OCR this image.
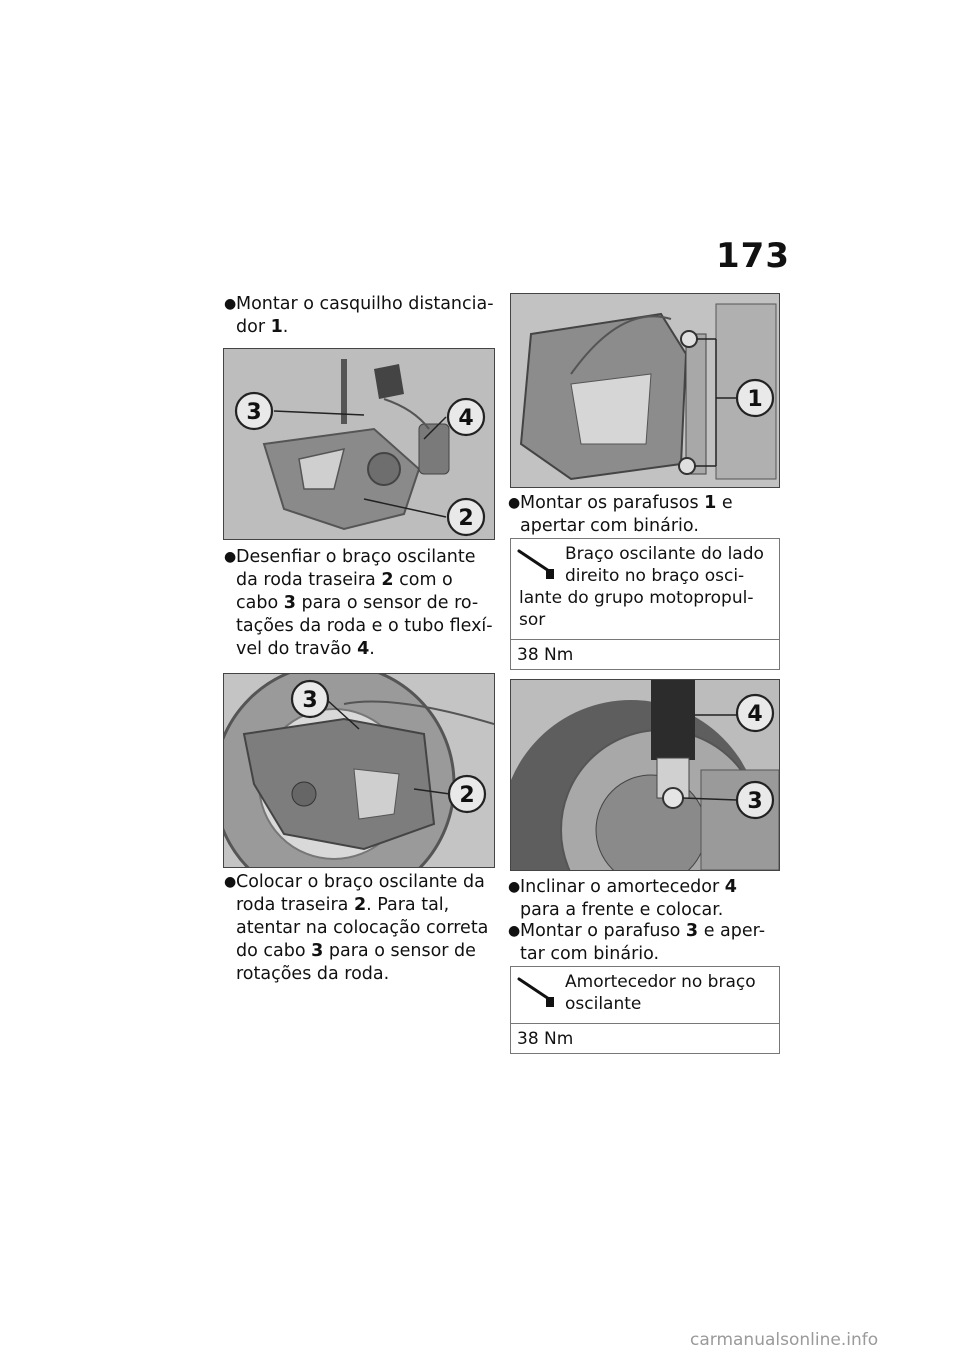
173
● Montar o casquilho distancia-dor 1.
3	4
2
● Desenfiar o braço oscilante da roda traseira 2 com o cabo 3 para o sensor de ro-tações da roda e o tubo flexí-vel do travão 4.
3
2
● Colocar o braço oscilante da roda traseira 2. Para tal, atentar na colocação correta do cabo 3 para o sensor de rotações da roda.
1
● Montar os parafusos 1 e apertar com binário.
Braço oscilante do lado
direito no braço osci-
lante do grupo motopropul-
sor
38 Nm
4
3
● Inclinar o amortecedor 4 para a frente e colocar.
● Montar o parafuso 3 e aper-tar com binário.
Amortecedor no braço
oscilante
38 Nm
carmanualsonline.info
